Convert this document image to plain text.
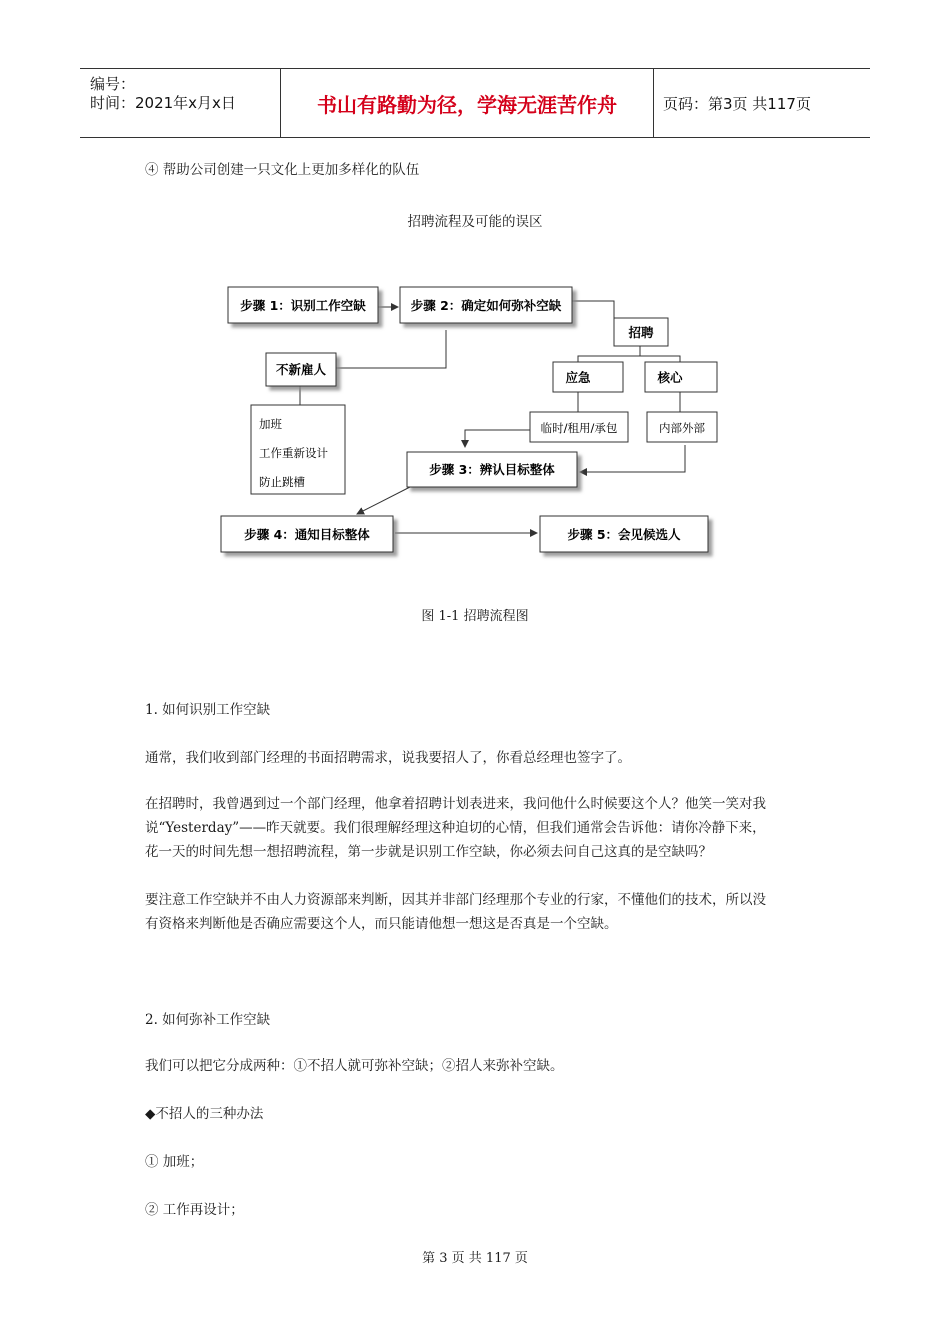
编号：
时间：2021年x月x日	书山有路勤为径，学海无涯苦作舟	页码：第3页 共117页
④ 帮助公司创建一只文化上更加多样化的队伍
招聘流程及可能的误区
步骤 1：识别工作空缺	步骤 2：确定如何弥补空缺
招聘
不新雇人
加班
工作重新设计
防止跳槽
应急	核心
临时/租用/承包	内部外部
步骤 3：辨认目标整体
步骤 4：通知目标整体	步骤 5：会见候选人
图 1-1 招聘流程图
1. 如何识别工作空缺
通常，我们收到部门经理的书面招聘需求，说我要招人了，你看总经理也签字了。
在招聘时，我曾遇到过一个部门经理，他拿着招聘计划表进来，我问他什么时候要这个人？他笑一笑对我
说“Yesterday”——昨天就要。我们很理解经理这种迫切的心情，但我们通常会告诉他：请你冷静下来，
花一天的时间先想一想招聘流程，第一步就是识别工作空缺，你必须去问自己这真的是空缺吗？
要注意工作空缺并不由人力资源部来判断，因其并非部门经理那个专业的行家，不懂他们的技术，所以没
有资格来判断他是否确应需要这个人，而只能请他想一想这是否真是一个空缺。
2. 如何弥补工作空缺
我们可以把它分成两种：①不招人就可弥补空缺；②招人来弥补空缺。
◆不招人的三种办法
① 加班；
② 工作再设计；
第 3 页 共 117 页
